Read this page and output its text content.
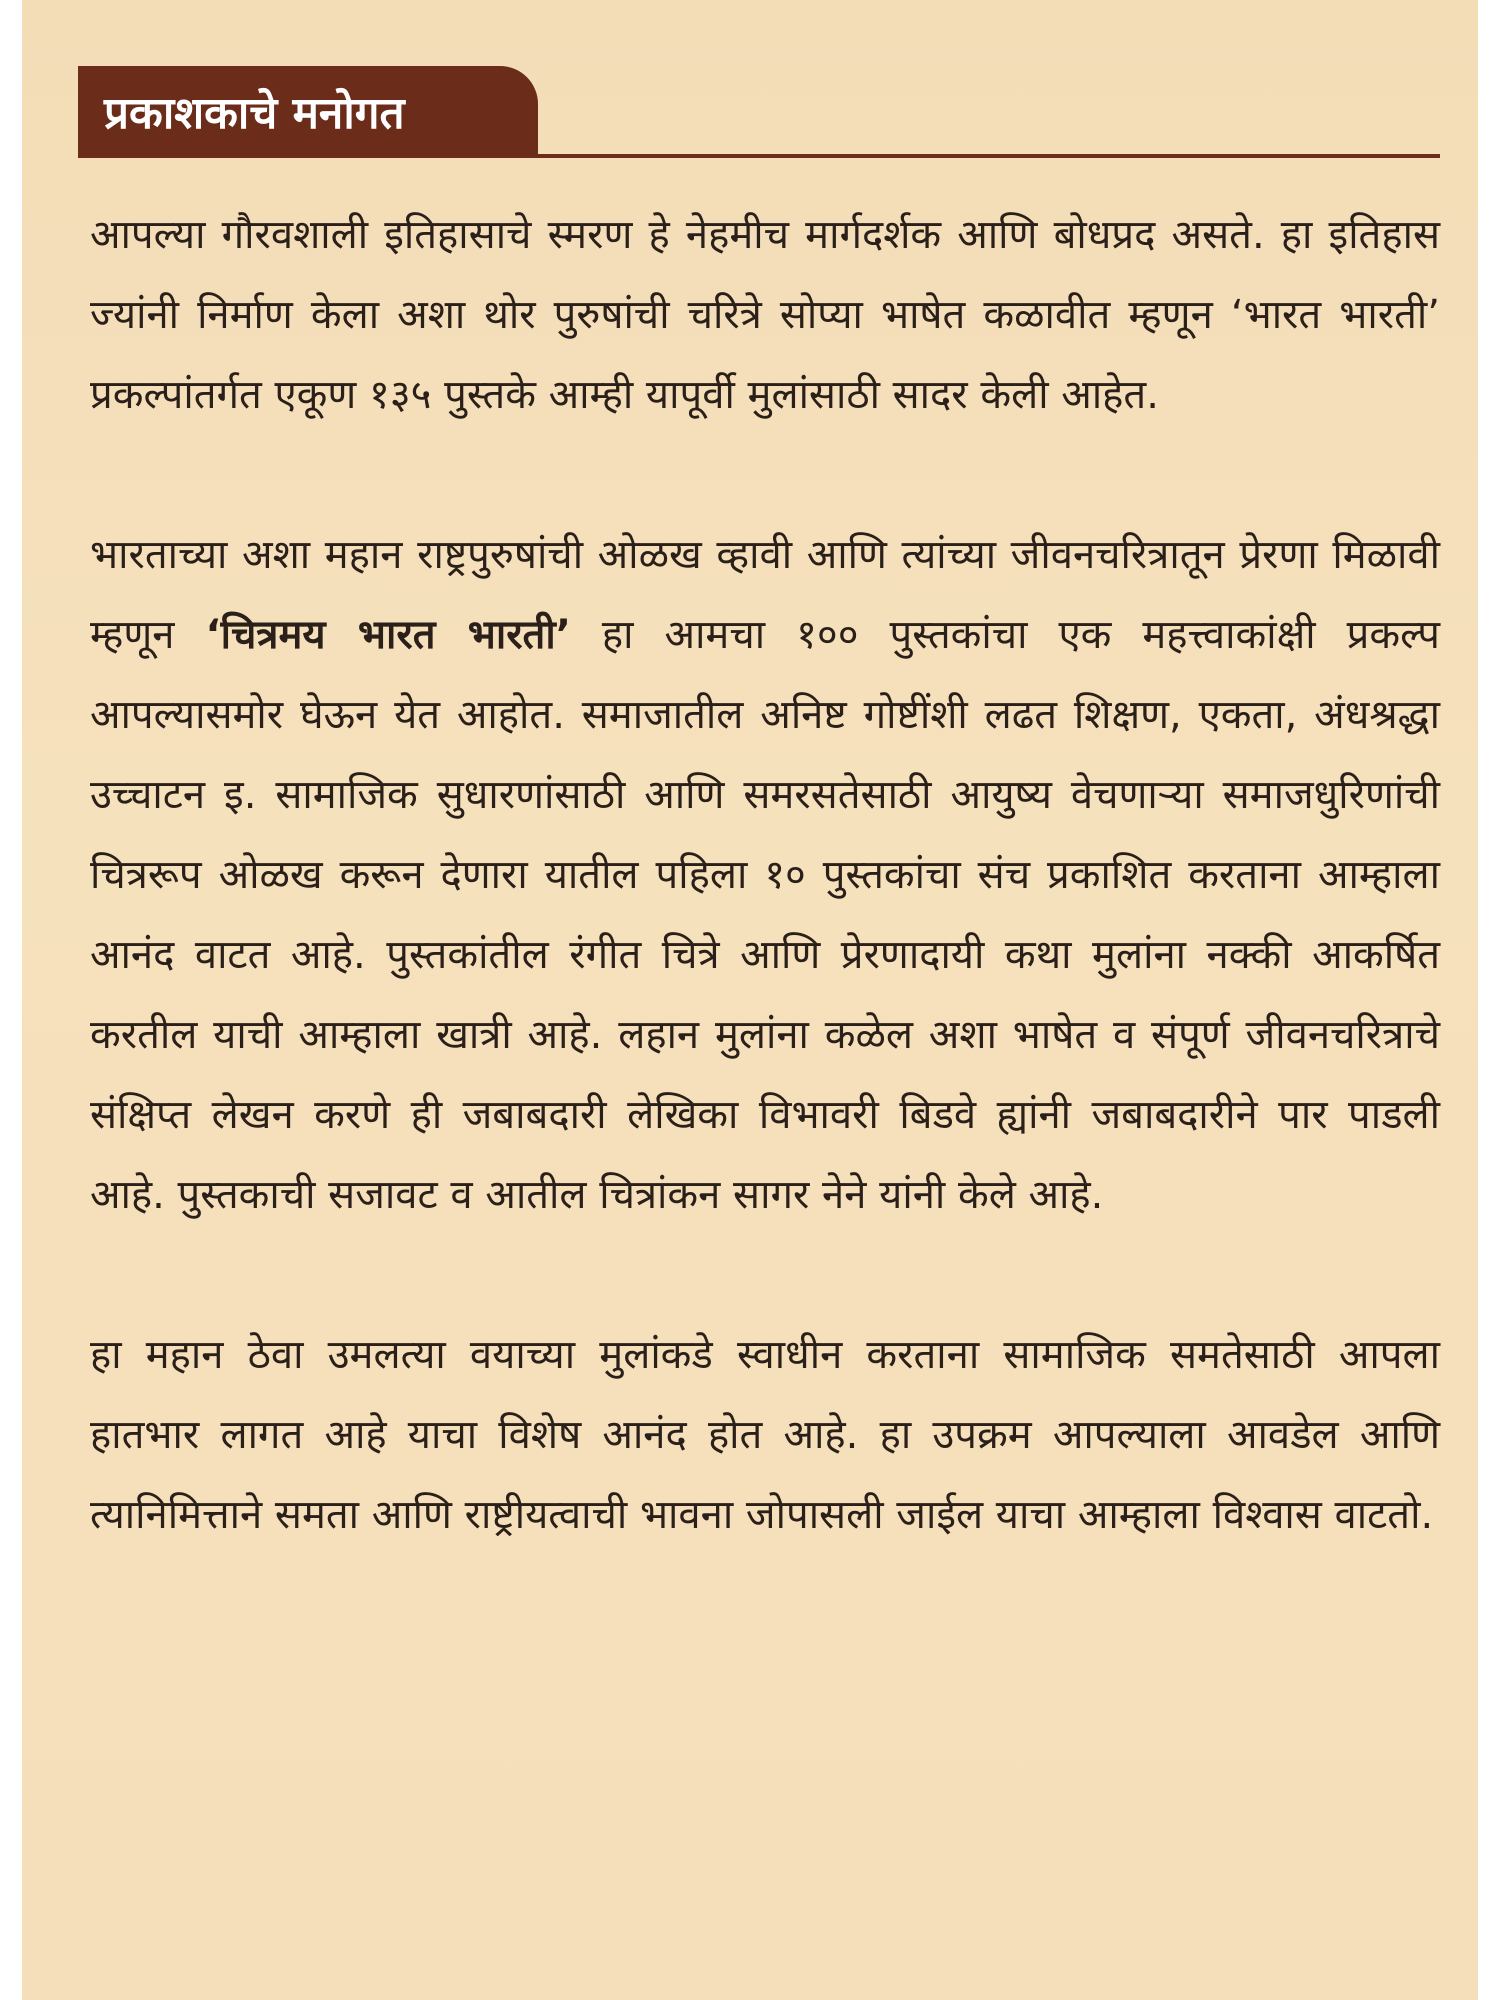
प्रकाशकाचे मनोगत

आपल्या गौरवशाली इतिहासाचे स्मरण हे नेहमीच मार्गदर्शक आणि बोधप्रद असते. हा इतिहास ज्यांनी निर्माण केला अशा थोर पुरुषांची चरित्रे सोप्या भाषेत कळावीत म्हणून ‘भारत भारती’ प्रकल्पांतर्गत एकूण १३५ पुस्तके आम्ही यापूर्वी मुलांसाठी सादर केली आहेत.

भारताच्या अशा महान राष्ट्रपुरुषांची ओळख व्हावी आणि त्यांच्या जीवनचरित्रातून प्रेरणा मिळावी म्हणून ‘चित्रमय भारत भारती’ हा आमचा १०० पुस्तकांचा एक महत्त्वाकांक्षी प्रकल्प आपल्यासमोर घेऊन येत आहोत. समाजातील अनिष्ट गोष्टींशी लढत शिक्षण, एकता, अंधश्रद्धा उच्चाटन इ. सामाजिक सुधारणांसाठी आणि समरसतेसाठी आयुष्य वेचणाऱ्या समाजधुरिणांची चित्ररूप ओळख करून देणारा यातील पहिला १० पुस्तकांचा संच प्रकाशित करताना आम्हाला आनंद वाटत आहे. पुस्तकांतील रंगीत चित्रे आणि प्रेरणादायी कथा मुलांना नक्की आकर्षित करतील याची आम्हाला खात्री आहे. लहान मुलांना कळेल अशा भाषेत व संपूर्ण जीवनचरित्राचे संक्षिप्त लेखन करणे ही जबाबदारी लेखिका विभावरी बिडवे ह्यांनी जबाबदारीने पार पाडली आहे. पुस्तकाची सजावट व आतील चित्रांकन सागर नेने यांनी केले आहे.

हा महान ठेवा उमलत्या वयाच्या मुलांकडे स्वाधीन करताना सामाजिक समतेसाठी आपला हातभार लागत आहे याचा विशेष आनंद होत आहे. हा उपक्रम आपल्याला आवडेल आणि त्यानिमित्ताने समता आणि राष्ट्रीयत्वाची भावना जोपासली जाईल याचा आम्हाला विश्वास वाटतो.
